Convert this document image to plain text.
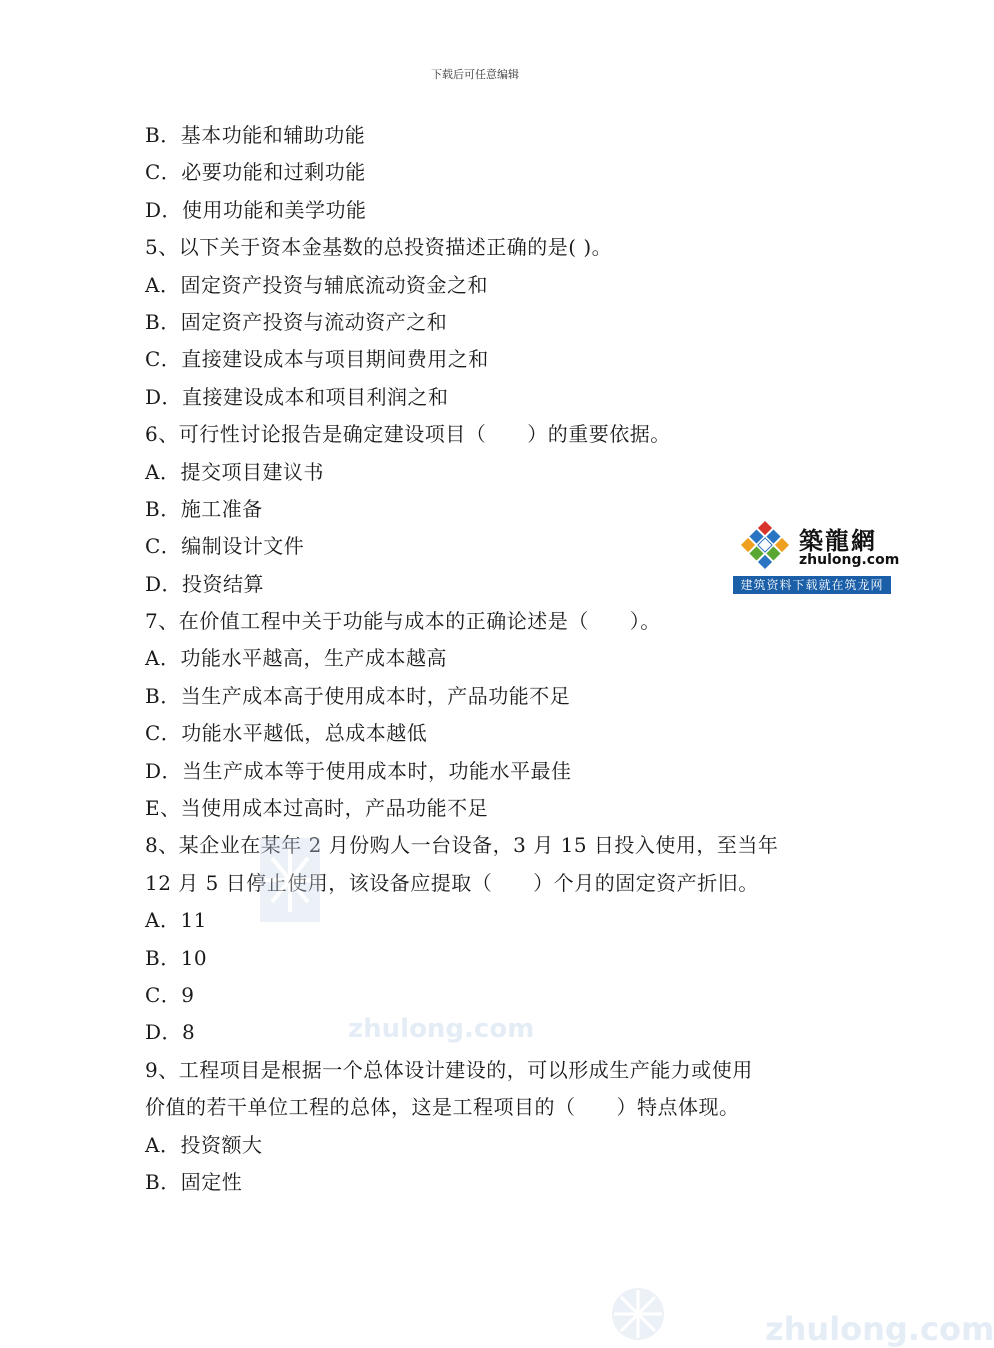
下载后可任意编辑
B．基本功能和辅助功能
C．必要功能和过剩功能
D．使用功能和美学功能
5、以下关于资本金基数的总投资描述正确的是( )。
A．固定资产投资与辅底流动资金之和
B．固定资产投资与流动资产之和
C．直接建设成本与项目期间费用之和
D．直接建设成本和项目利润之和
6、可行性讨论报告是确定建设项目（　　）的重要依据。
A．提交项目建议书
B．施工准备
C．编制设计文件
D．投资结算
7、在价值工程中关于功能与成本的正确论述是（　　）。
A．功能水平越高，生产成本越高
B．当生产成本高于使用成本时，产品功能不足
C．功能水平越低，总成本越低
D．当生产成本等于使用成本时，功能水平最佳
E、当使用成本过高时，产品功能不足
8、某企业在某年 2 月份购人一台设备，3 月 15 日投入使用，至当年
12 月 5 日停止使用，该设备应提取（　　）个月的固定资产折旧。
A．11
B．10
C．9
D．8
9、工程项目是根据一个总体设计建设的，可以形成生产能力或使用
价值的若干单位工程的总体，这是工程项目的（　　）特点体现。
A．投资额大
B．固定性
築龍網
zhulong.com
建筑资料下载就在筑龙网
zhulong.com
zhulong.com
